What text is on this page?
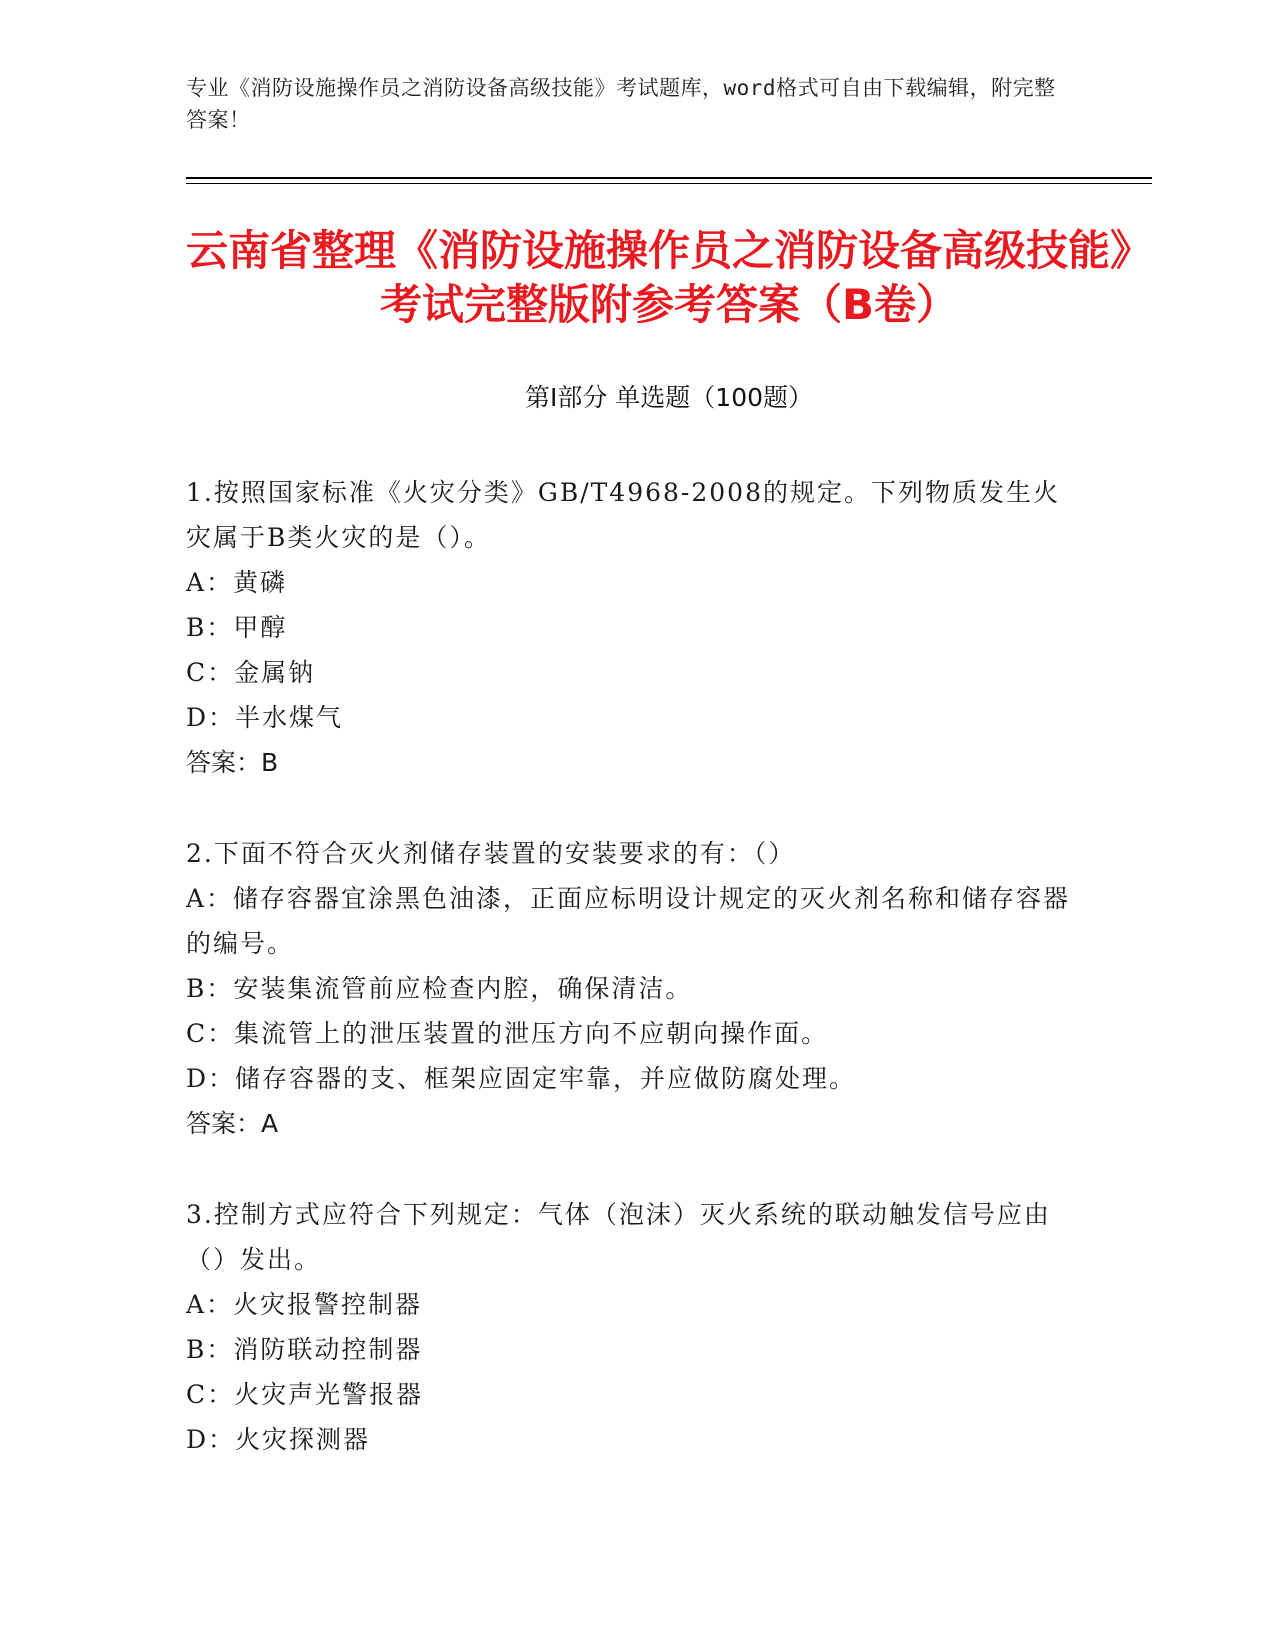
专业《消防设施操作员之消防设备高级技能》考试题库，word格式可自由下载编辑，附完整答案！
云南省整理《消防设施操作员之消防设备高级技能》考试完整版附参考答案（B卷）
第Ⅰ部分 单选题（100题）
1.按照国家标准《火灾分类》GB/T4968-2008的规定。下列物质发生火灾属于B类火灾的是（）。
A：黄磷
B：甲醇
C：金属钠
D：半水煤气
答案：B
2.下面不符合灭火剂储存装置的安装要求的有：（）
A：储存容器宜涂黑色油漆，正面应标明设计规定的灭火剂名称和储存容器的编号。
B：安装集流管前应检查内腔，确保清洁。
C：集流管上的泄压装置的泄压方向不应朝向操作面。
D：储存容器的支、框架应固定牢靠，并应做防腐处理。
答案：A
3.控制方式应符合下列规定：气体（泡沫）灭火系统的联动触发信号应由（）发出。
A：火灾报警控制器
B：消防联动控制器
C：火灾声光警报器
D：火灾探测器
